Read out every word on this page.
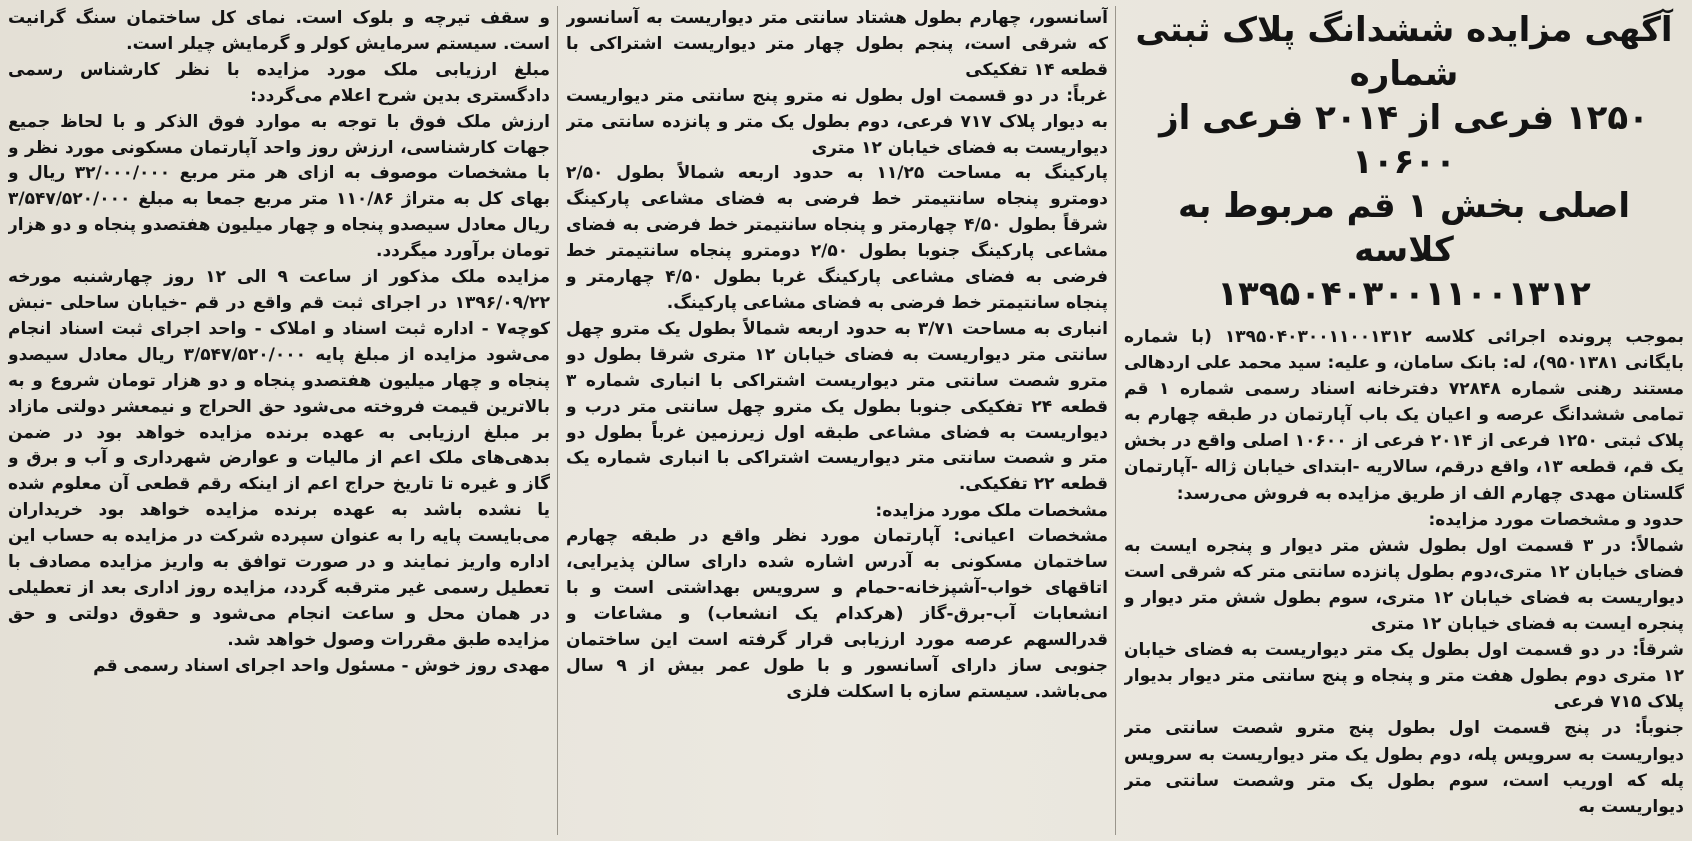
آگهی مزایده ششدانگ پلاک ثبتی شماره
۱۲۵۰ فرعی از ۲۰۱۴ فرعی از ۱۰۶۰۰
اصلی بخش ۱ قم مربوط به کلاسه
۱۳۹۵۰۴۰۳۰۰۱۱۰۰۱۳۱۲

بموجب پرونده اجرائی کلاسه ۱۳۹۵۰۴۰۳۰۰۱۱۰۰۱۳۱۲ (با شماره بایگانی ۹۵۰۱۳۸۱)، له: بانک سامان، و علیه: سید محمد علی اردهالی مستند رهنی شماره ۷۲۸۴۸ دفترخانه اسناد رسمی شماره ۱ قم تمامی ششدانگ عرصه و اعیان یک باب آپارتمان در طبقه چهارم به پلاک ثبتی ۱۲۵۰ فرعی از ۲۰۱۴ فرعی از ۱۰۶۰۰ اصلی واقع در بخش یک قم، قطعه ۱۳، واقع درقم، سالاریه -ابتدای خیابان ژاله -آپارتمان گلستان مهدی چهارم الف از طریق مزایده به فروش می‌رسد:

حدود و مشخصات مورد مزایده:

شمالاً: در ۳ قسمت اول بطول شش متر دیوار و پنجره ایست به فضای خیابان ۱۲ متری،دوم بطول پانزده سانتی متر که شرقی است دیواریست به فضای خیابان ۱۲ متری، سوم بطول شش متر دیوار و پنجره ایست به فضای خیابان ۱۲ متری

شرقاً: در دو قسمت اول بطول یک متر دیواریست به فضای خیابان ۱۲ متری دوم بطول هفت متر و پنجاه و پنج سانتی متر دیوار بدیوار پلاک ۷۱۵ فرعی

جنوباً: در پنج قسمت اول بطول پنج مترو شصت سانتی متر دیواریست به سرویس پله، دوم بطول یک متر دیواریست به سرویس پله که اوریب است، سوم بطول یک متر وشصت سانتی متر دیواریست به

آسانسور، چهارم بطول هشتاد سانتی متر دیواریست به آسانسور که شرقی است، پنجم بطول چهار متر دیواریست اشتراکی با قطعه ۱۴ تفکیکی

غرباً: در دو قسمت اول بطول نه مترو پنج سانتی متر دیواریست به دیوار پلاک ۷۱۷ فرعی، دوم بطول یک متر و پانزده سانتی متر دیواریست به فضای خیابان ۱۲ متری

پارکینگ به مساحت ۱۱/۲۵ به حدود اربعه شمالاً بطول ۲/۵۰ دومترو پنجاه سانتیمتر خط فرضی به فضای مشاعی پارکینگ شرقاً بطول ۴/۵۰ چهارمتر و پنجاه سانتیمتر خط فرضی به فضای مشاعی پارکینگ جنوبا بطول ۲/۵۰ دومترو پنجاه سانتیمتر خط فرضی به فضای مشاعی پارکینگ غربا بطول ۴/۵۰ چهارمتر و پنجاه سانتیمتر خط فرضی به فضای مشاعی پارکینگ.

انباری به مساحت ۳/۷۱ به حدود اربعه شمالاً بطول یک مترو چهل سانتی متر دیواریست به فضای خیابان ۱۲ متری شرقا بطول دو مترو شصت سانتی متر دیواریست اشتراکی با انباری شماره ۳ قطعه ۲۴ تفکیکی جنوبا بطول یک مترو چهل سانتی متر درب و دیواریست به فضای مشاعی طبقه اول زیرزمین غرباً بطول دو متر و شصت سانتی متر دیواریست اشتراکی با انباری شماره یک قطعه ۲۲ تفکیکی.

مشخصات ملک مورد مزایده:

مشخصات اعیانی: آپارتمان مورد نظر واقع در طبقه چهارم ساختمان مسکونی به آدرس اشاره شده دارای سالن پذیرایی، اتاقهای خواب-آشپزخانه-حمام و سرویس بهداشتی است و با انشعابات آب-برق-گاز (هرکدام یک انشعاب) و مشاعات و قدرالسهم عرصه مورد ارزیابی قرار گرفته است این ساختمان جنوبی ساز دارای آسانسور و با طول عمر بیش از ۹ سال می‌باشد. سیستم سازه با اسکلت فلزی

و سقف تیرچه و بلوک است. نمای کل ساختمان سنگ گرانیت است. سیستم سرمایش کولر و گرمایش چیلر است.

مبلغ ارزیابی ملک مورد مزایده با نظر کارشناس رسمی دادگستری بدین شرح اعلام می‌گردد:

ارزش ملک فوق با توجه به موارد فوق الذکر و با لحاظ جمیع جهات کارشناسی، ارزش روز واحد آپارتمان مسکونی مورد نظر و با مشخصات موصوف به ازای هر متر مربع ۳۲/۰۰۰/۰۰۰ ریال و بهای کل به متراژ ۱۱۰/۸۶ متر مربع جمعا به مبلغ ۳/۵۴۷/۵۲۰/۰۰۰ ریال معادل سیصدو پنجاه و چهار میلیون هفتصدو پنجاه و دو هزار تومان برآورد میگردد.

مزایده ملک مذکور از ساعت ۹ الی ۱۲ روز چهارشنبه مورخه ۱۳۹۶/۰۹/۲۲ در اجرای ثبت قم واقع در قم -خیابان ساحلی -نبش کوچه۷ - اداره ثبت اسناد و املاک - واحد اجرای ثبت اسناد انجام می‌شود مزایده از مبلغ پایه ۳/۵۴۷/۵۲۰/۰۰۰ ریال معادل سیصدو پنجاه و چهار میلیون هفتصدو پنجاه و دو هزار تومان شروع و به بالاترین قیمت فروخته می‌شود حق الحراج و نیمعشر دولتی مازاد بر مبلغ ارزیابی به عهده برنده مزایده خواهد بود در ضمن بدهی‌های ملک اعم از مالیات و عوارض شهرداری و آب و برق و گاز و غیره تا تاریخ حراج اعم از اینکه رقم قطعی آن معلوم شده یا نشده باشد به عهده برنده مزایده خواهد بود خریداران می‌بایست پایه را به عنوان سپرده شرکت در مزایده به حساب این اداره واریز نمایند و در صورت توافق به واریز مزایده مصادف با تعطیل رسمی غیر مترقبه گردد، مزایده روز اداری بعد از تعطیلی در همان محل و ساعت انجام می‌شود و حقوق دولتی و حق مزایده طبق مقررات وصول خواهد شد.

مهدی روز خوش - مسئول واحد اجرای اسناد رسمی قم
